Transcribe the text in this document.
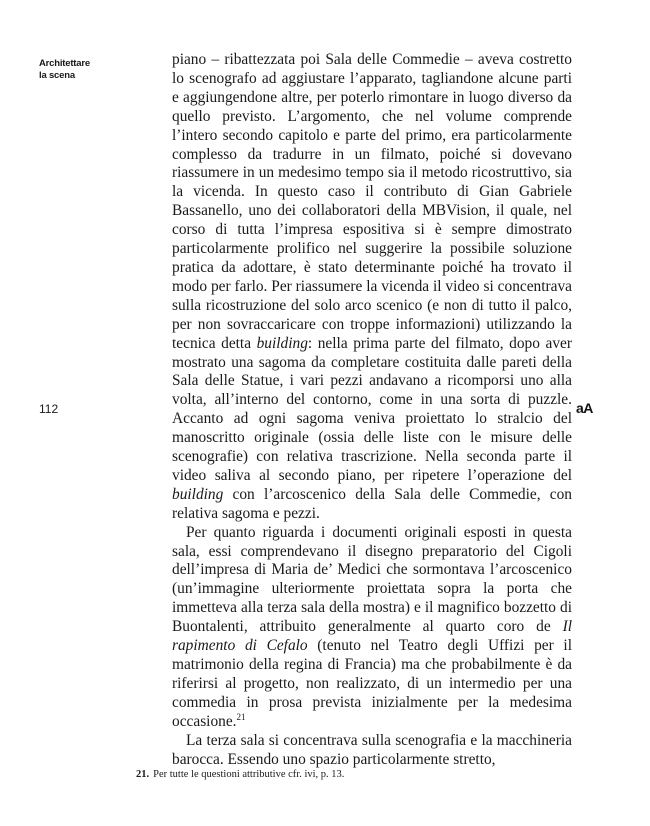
Architettare
la scena
112	aA

piano – ribattezzata poi Sala delle Commedie – aveva costretto lo scenografo ad aggiustare l’apparato, tagliandone alcune parti e aggiungendone altre, per poterlo rimontare in luogo diverso da quello previsto. L’argomento, che nel volume comprende l’intero secondo capitolo e parte del primo, era particolarmente complesso da tradurre in un filmato, poiché si dovevano riassumere in un medesimo tempo sia il metodo ricostruttivo, sia la vicenda. In questo caso il contributo di Gian Gabriele Bassanello, uno dei collaboratori della MBVision, il quale, nel corso di tutta l’impresa espositiva si è sempre dimostrato particolarmente prolifico nel suggerire la possibile soluzione pratica da adottare, è stato determinante poiché ha trovato il modo per farlo. Per riassumere la vicenda il video si concentrava sulla ricostruzione del solo arco scenico (e non di tutto il palco, per non sovraccaricare con troppe informazioni) utilizzando la tecnica detta building: nella prima parte del filmato, dopo aver mostrato una sagoma da completare costituita dalle pareti della Sala delle Statue, i vari pezzi andavano a ricomporsi uno alla volta, all’interno del contorno, come in una sorta di puzzle. Accanto ad ogni sagoma veniva proiettato lo stralcio del manoscritto originale (ossia delle liste con le misure delle scenografie) con relativa trascrizione. Nella seconda parte il video saliva al secondo piano, per ripetere l’operazione del building con l’arcoscenico della Sala delle Commedie, con relativa sagoma e pezzi.

Per quanto riguarda i documenti originali esposti in questa sala, essi comprendevano il disegno preparatorio del Cigoli dell’impresa di Maria de’ Medici che sormontava l’arcoscenico (un’immagine ulteriormente proiettata sopra la porta che immetteva alla terza sala della mostra) e il magnifico bozzetto di Buontalenti, attribuito generalmente al quarto coro de Il rapimento di Cefalo (tenuto nel Teatro degli Uffizi per il matrimonio della regina di Francia) ma che probabilmente è da riferirsi al progetto, non realizzato, di un intermedio per una commedia in prosa prevista inizialmente per la medesima occasione.$^{21}$

La terza sala si concentrava sulla scenografia e la macchineria barocca. Essendo uno spazio particolarmente stretto,

21. Per tutte le questioni attributive cfr. ivi, p. 13.
